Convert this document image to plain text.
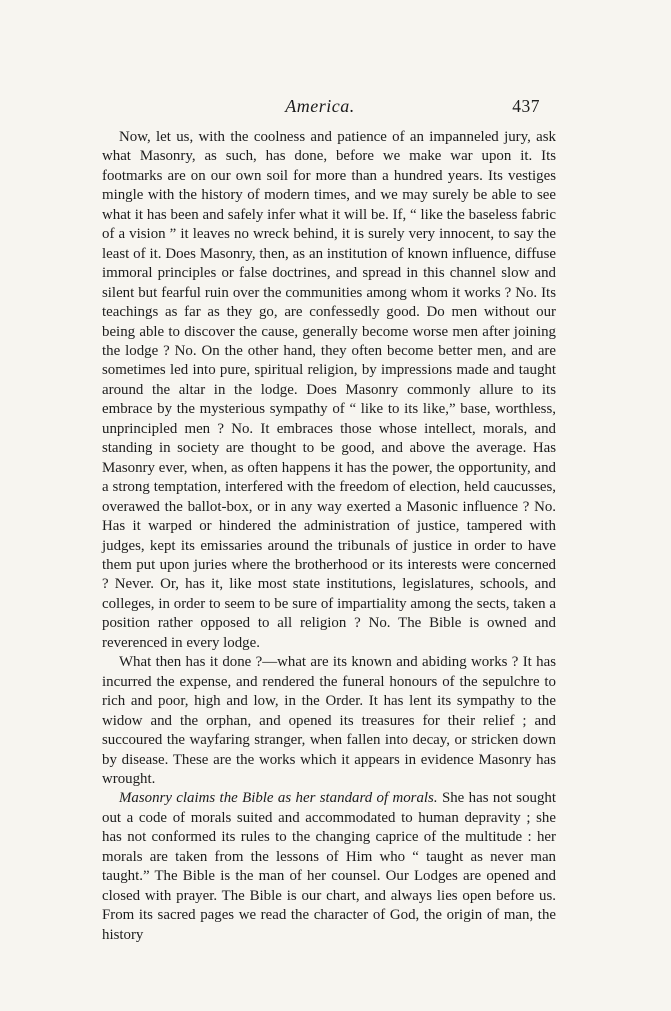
America.	437

Now, let us, with the coolness and patience of an impanneled jury, ask what Masonry, as such, has done, before we make war upon it. Its footmarks are on our own soil for more than a hundred years. Its vestiges mingle with the history of modern times, and we may surely be able to see what it has been and safely infer what it will be. If, “ like the baseless fabric of a vision ” it leaves no wreck behind, it is surely very innocent, to say the least of it. Does Masonry, then, as an institution of known influence, diffuse immoral principles or false doctrines, and spread in this channel slow and silent but fearful ruin over the communities among whom it works ? No. Its teachings as far as they go, are confessedly good. Do men without our being able to discover the cause, generally become worse men after joining the lodge ? No. On the other hand, they often become better men, and are sometimes led into pure, spiritual religion, by impressions made and taught around the altar in the lodge. Does Masonry commonly allure to its embrace by the mysterious sympathy of “ like to its like,” base, worthless, unprincipled men ? No. It embraces those whose intellect, morals, and standing in society are thought to be good, and above the average. Has Masonry ever, when, as often happens it has the power, the opportunity, and a strong temptation, interfered with the freedom of election, held caucusses, overawed the ballot-box, or in any way exerted a Masonic influence ? No. Has it warped or hindered the administration of justice, tampered with judges, kept its emissaries around the tribunals of justice in order to have them put upon juries where the brotherhood or its interests were concerned ? Never. Or, has it, like most state institutions, legislatures, schools, and colleges, in order to seem to be sure of impartiality among the sects, taken a position rather opposed to all religion ? No. The Bible is owned and reverenced in every lodge.

What then has it done ?—what are its known and abiding works ? It has incurred the expense, and rendered the funeral honours of the sepulchre to rich and poor, high and low, in the Order. It has lent its sympathy to the widow and the orphan, and opened its treasures for their relief ; and succoured the wayfaring stranger, when fallen into decay, or stricken down by disease. These are the works which it appears in evidence Masonry has wrought.

Masonry claims the Bible as her standard of morals. She has not sought out a code of morals suited and accommodated to human depravity ; she has not conformed its rules to the changing caprice of the multitude : her morals are taken from the lessons of Him who “ taught as never man taught.” The Bible is the man of her counsel. Our Lodges are opened and closed with prayer. The Bible is our chart, and always lies open before us. From its sacred pages we read the character of God, the origin of man, the history
